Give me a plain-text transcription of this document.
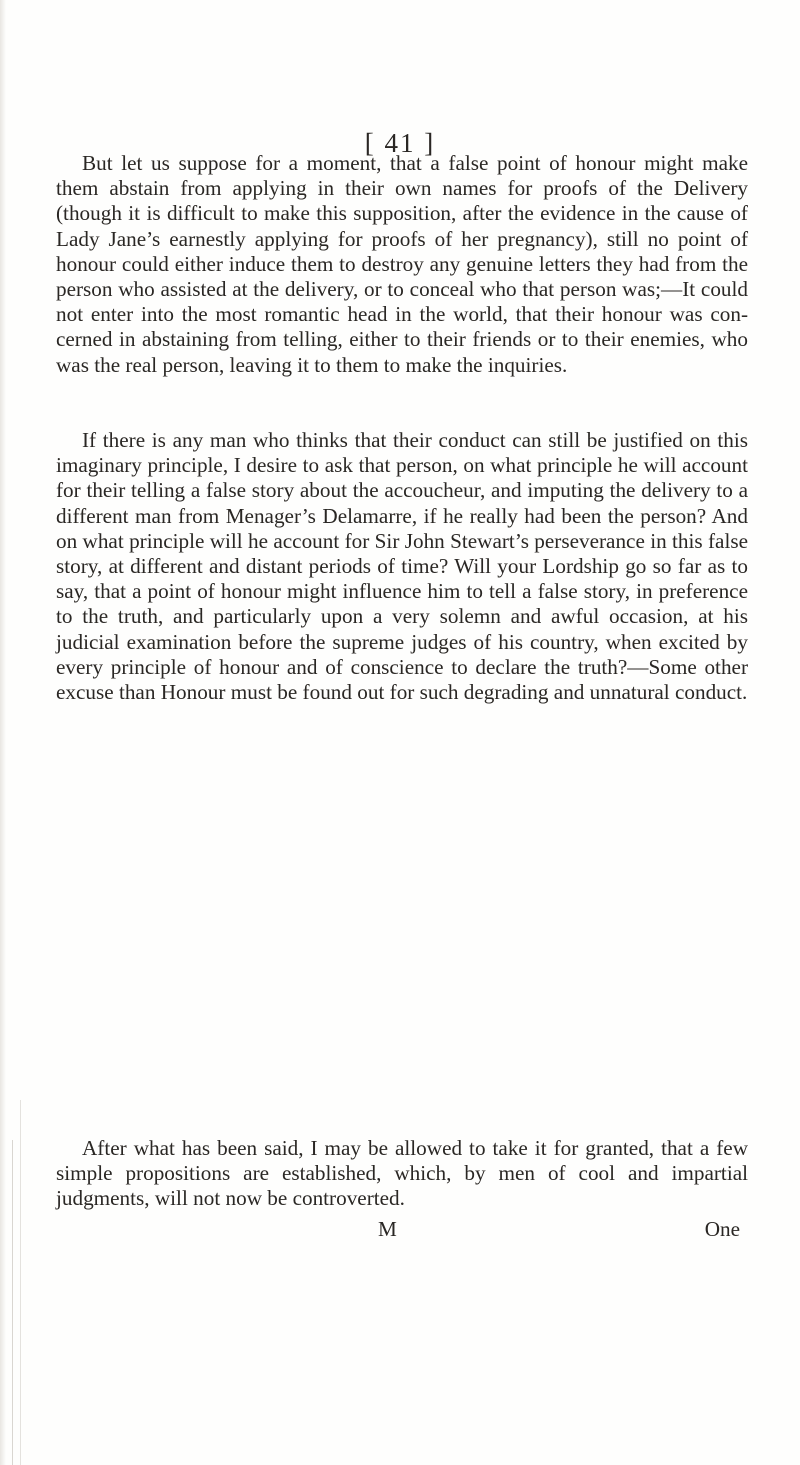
[ 41 ]

But let us suppose for a moment, that a false point of honour might make them abstain from applying in their own names for proofs of the Delivery (though it is difficult to make this supposition, after the evidence in the cause of Lady Jane’s earnestly applying for proofs of her pregnancy), still no point of honour could either induce them to destroy any genuine letters they had from the person who assisted at the delivery, or to conceal who that person was;—It could not enter into the most romantic head in the world, that their honour was concerned in abstaining from telling, either to their friends or to their enemies, who was the real person, leaving it to them to make the inquiries.

If there is any man who thinks that their conduct can still be justified on this imaginary principle, I desire to ask that person, on what principle he will account for their telling a false story about the accoucheur, and imputing the delivery to a different man from Menager’s Delamarre, if he really had been the person? And on what principle will he account for Sir John Stewart’s perseverance in this false story, at different and distant periods of time? Will your Lordship go so far as to say, that a point of honour might influence him to tell a false story, in preference to the truth, and particularly upon a very solemn and awful occasion, at his judicial examination before the supreme judges of his country, when excited by every principle of honour and of conscience to declare the truth?—Some other excuse than Honour must be found out for such degrading and unnatural conduct.

After what has been said, I may be allowed to take it for granted, that a few simple propositions are established, which, by men of cool and impartial judgments, will not now be controverted.

M	One
